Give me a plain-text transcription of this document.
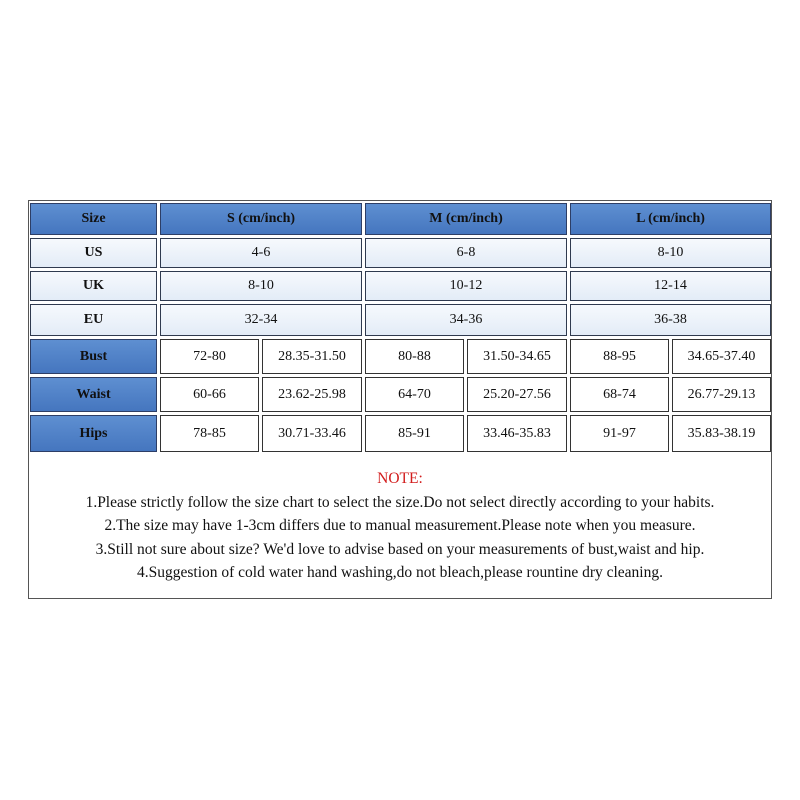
Size	S (cm/inch)	M (cm/inch)	L (cm/inch)
US	4-6	6-8	8-10
UK	8-10	10-12	12-14
EU	32-34	34-36	36-38
Bust	72-80	28.35-31.50	80-88	31.50-34.65	88-95	34.65-37.40
Waist	60-66	23.62-25.98	64-70	25.20-27.56	68-74	26.77-29.13
Hips	78-85	30.71-33.46	85-91	33.46-35.83	91-97	35.83-38.19
NOTE:
1.Please strictly follow the size chart to select the size.Do not select directly according to your habits.
2.The size may have 1-3cm differs due to manual measurement.Please note when you measure.
3.Still not sure about size? We'd love to advise based on your measurements of bust,waist and hip.
4.Suggestion of cold water hand washing,do not bleach,please rountine dry cleaning.
